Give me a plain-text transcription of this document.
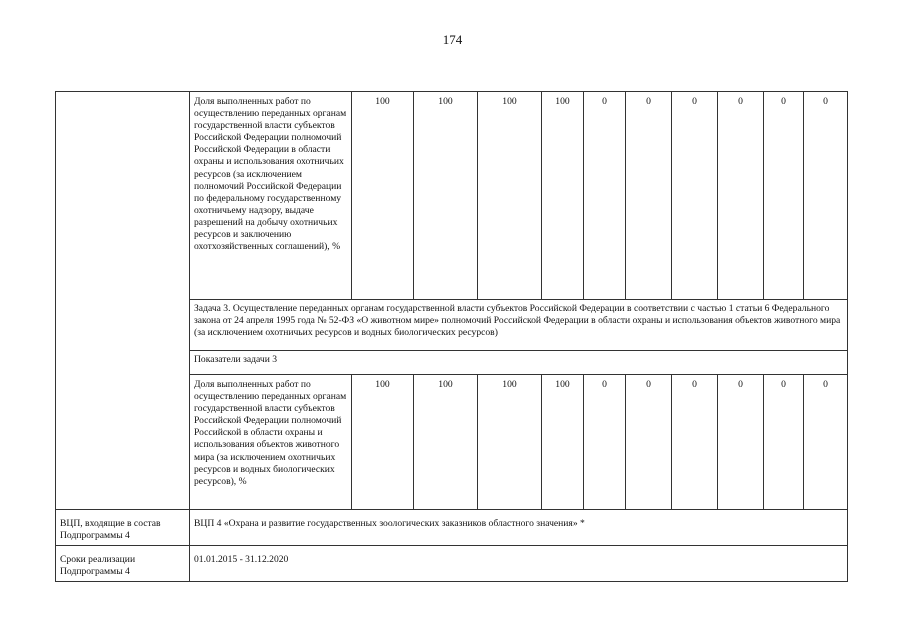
174

	Доля выполненных работ по осуществлению переданных органам государственной власти субъектов Российской Федерации полномочий Российской Федерации в области охраны и использования охотничьих ресурсов (за исключением полномочий Российской Федерации по федеральному государственному охотничьему надзору, выдаче разрешений на добычу охотничьих ресурсов и заключению охотхозяйственных соглашений), %	100	100	100	100	0	0	0	0	0	0
	Задача 3. Осуществление переданных органам государственной власти субъектов Российской Федерации в соответствии с частью 1 статьи 6 Федерального закона от 24 апреля 1995 года № 52-ФЗ «О животном мире» полномочий Российской Федерации в области охраны и использования объектов животного мира (за исключением охотничьих ресурсов и водных биологических ресурсов)										
	Показатели задачи 3										

	Доля выполненных работ по осуществлению переданных органам государственной власти субъектов Российской Федерации полномочий Российской в области охраны и использования объектов животного мира (за исключением охотничьих ресурсов и водных биологических ресурсов), %	100	100	100	100	0	0	0	0	0	0
ВЦП, входящие в состав Подпрограммы 4	ВЦП 4 «Охрана и развитие государственных зоологических заказников областного значения» *										
Сроки реализации Подпрограммы 4	01.01.2015 - 31.12.2020										
